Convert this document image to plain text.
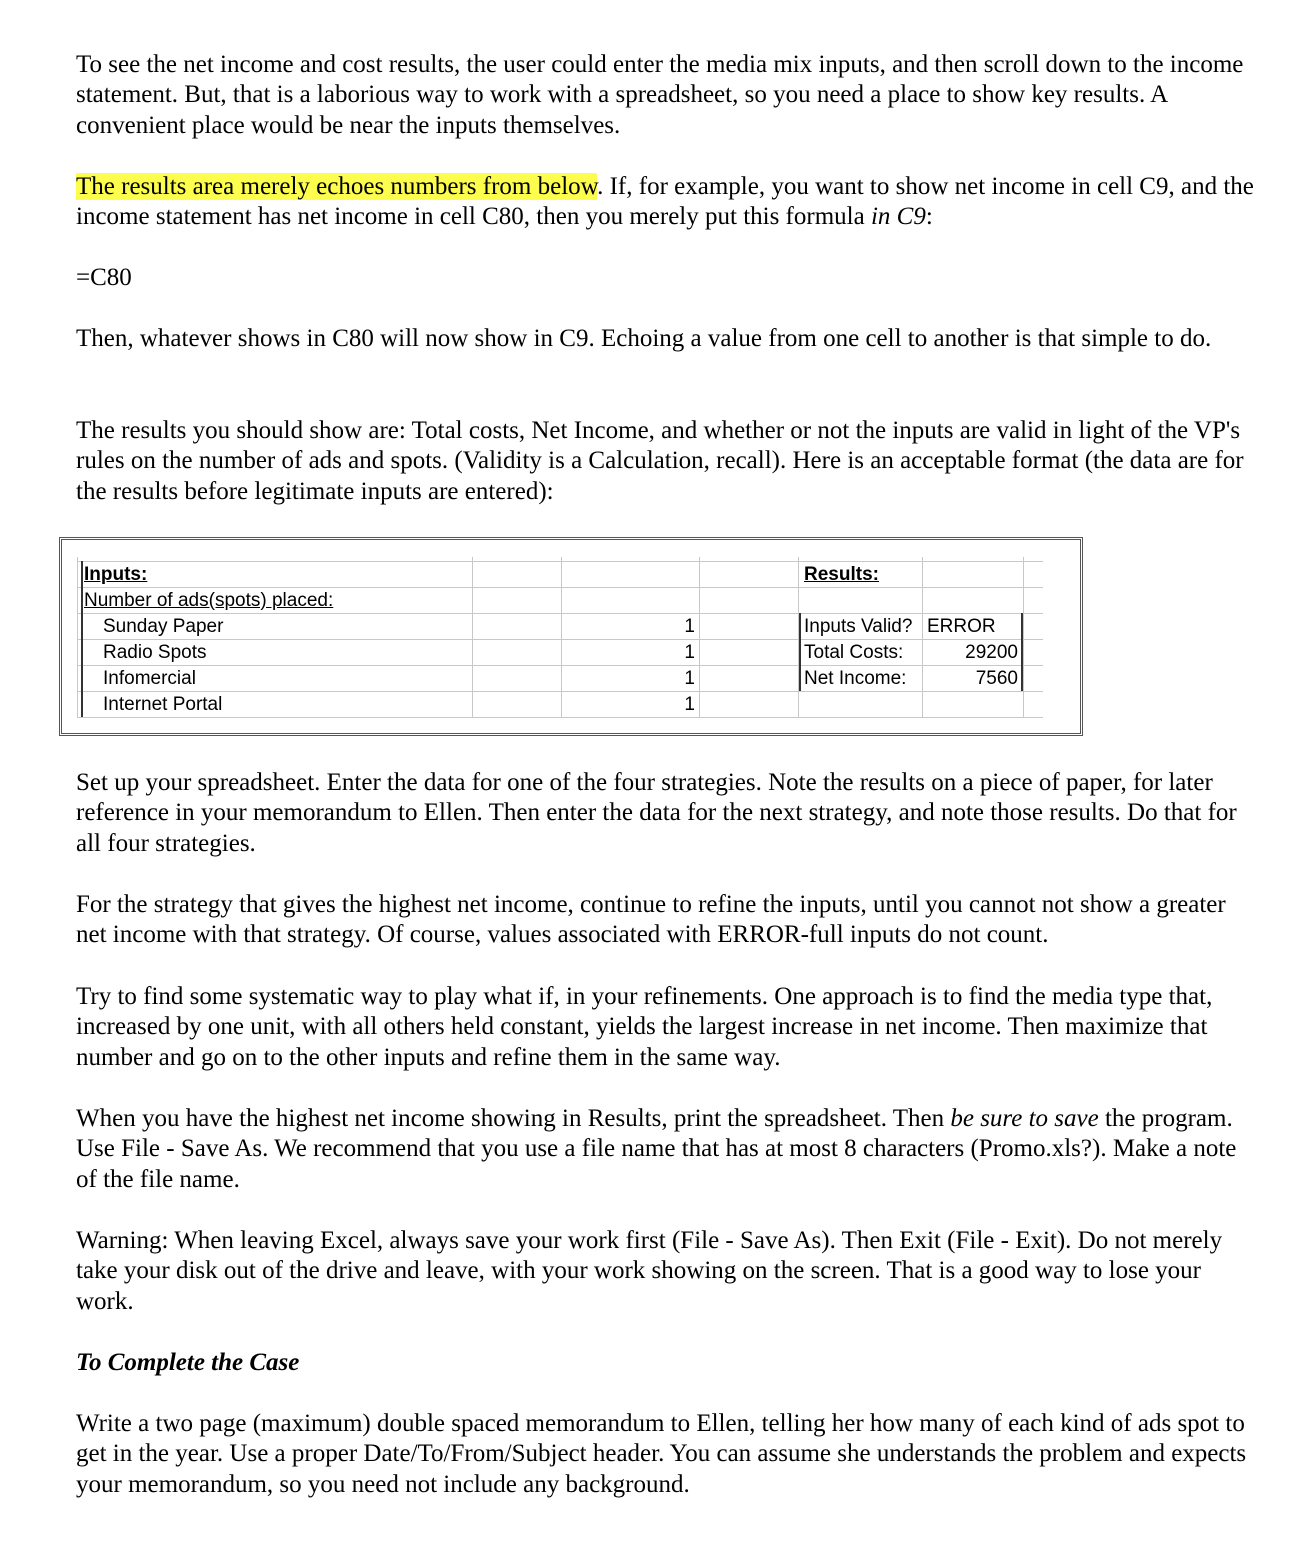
To see the net income and cost results, the user could enter the media mix inputs, and then scroll down to the income statement. But, that is a laborious way to work with a spreadsheet, so you need a place to show key results. A convenient place would be near the inputs themselves.

The results area merely echoes numbers from below. If, for example, you want to show net income in cell C9, and the income statement has net income in cell C80, then you merely put this formula in C9:

=C80

Then, whatever shows in C80 will now show in C9. Echoing a value from one cell to another is that simple to do.

The results you should show are: Total costs, Net Income, and whether or not the inputs are valid in light of the VP's rules on the number of ads and spots. (Validity is a Calculation, recall). Here is an acceptable format (the data are for the results before legitimate inputs are entered):

Inputs:
Number of ads(spots) placed:
Sunday Paper	1
Radio Spots	1
Infomercial	1
Internet Portal	1
Results:
Inputs Valid? ERROR
Total Costs:	29200
Net Income:	7560

Set up your spreadsheet. Enter the data for one of the four strategies. Note the results on a piece of paper, for later reference in your memorandum to Ellen. Then enter the data for the next strategy, and note those results. Do that for all four strategies.

For the strategy that gives the highest net income, continue to refine the inputs, until you cannot not show a greater net income with that strategy. Of course, values associated with ERROR-full inputs do not count.

Try to find some systematic way to play what if, in your refinements. One approach is to find the media type that, increased by one unit, with all others held constant, yields the largest increase in net income. Then maximize that number and go on to the other inputs and refine them in the same way.

When you have the highest net income showing in Results, print the spreadsheet. Then be sure to save the program. Use File - Save As. We recommend that you use a file name that has at most 8 characters (Promo.xls?). Make a note of the file name.

Warning: When leaving Excel, always save your work first (File - Save As). Then Exit (File - Exit). Do not merely take your disk out of the drive and leave, with your work showing on the screen. That is a good way to lose your work.

To Complete the Case

Write a two page (maximum) double spaced memorandum to Ellen, telling her how many of each kind of ads spot to get in the year. Use a proper Date/To/From/Subject header. You can assume she understands the problem and expects your memorandum, so you need not include any background.
